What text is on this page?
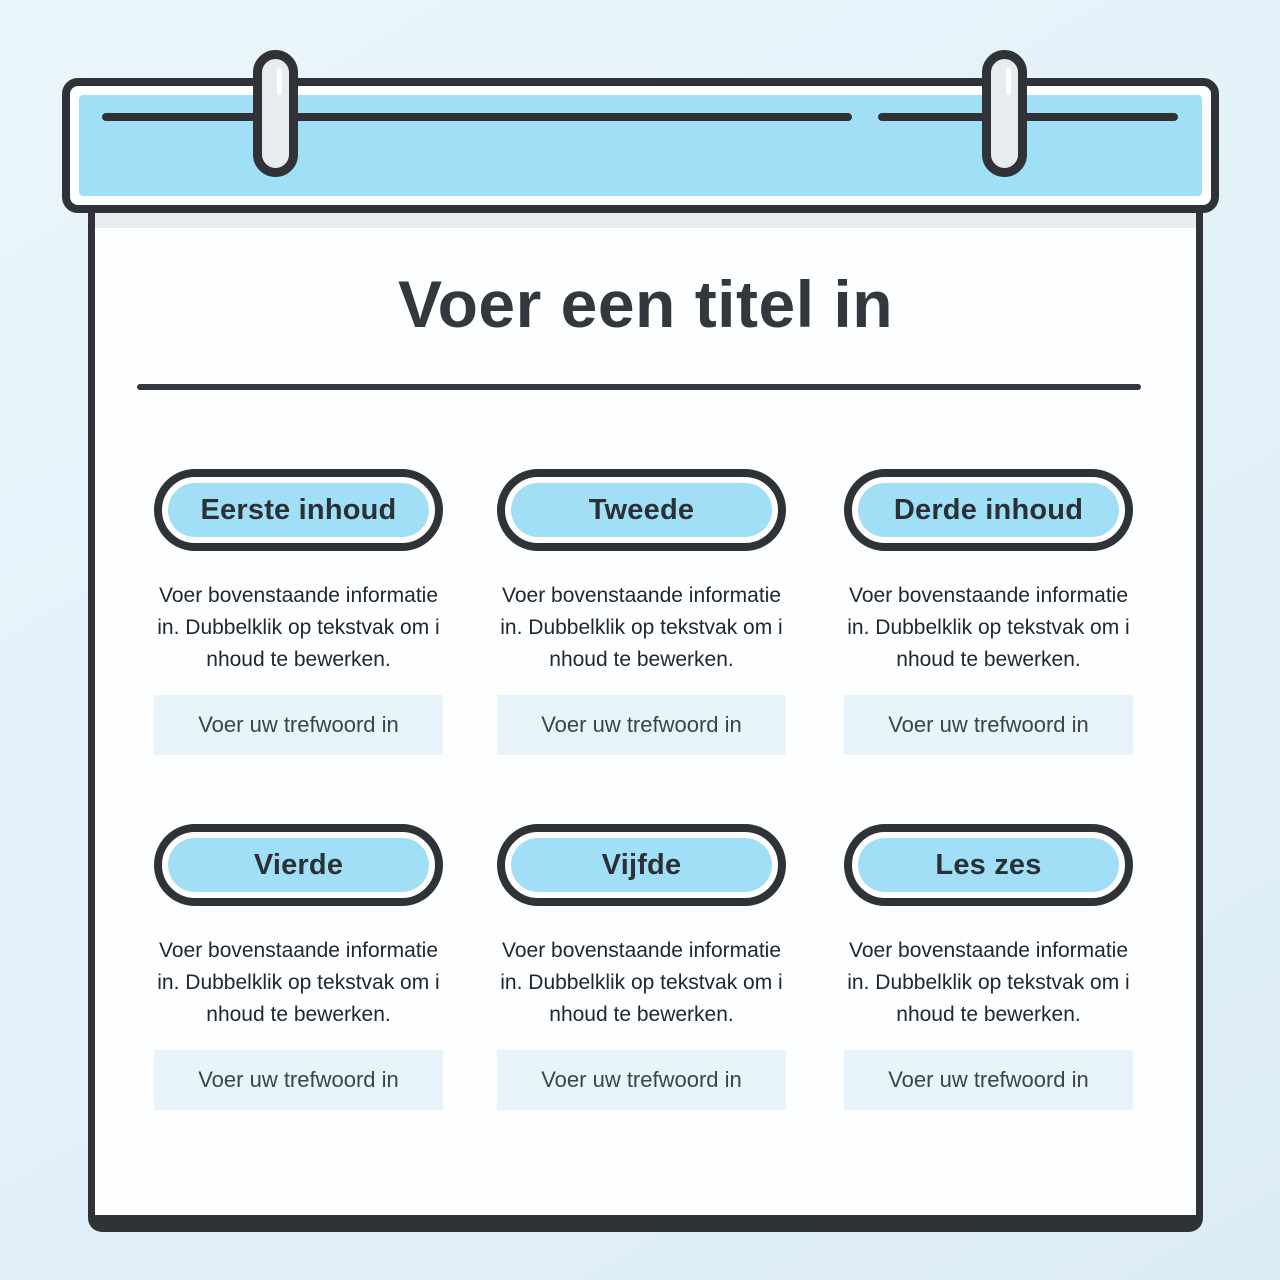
Voer een titel in
Eerste inhoud
Voer bovenstaande informatie
in. Dubbelklik op tekstvak om i
nhoud te bewerken.
Voer uw trefwoord in
Tweede
Voer bovenstaande informatie
in. Dubbelklik op tekstvak om i
nhoud te bewerken.
Voer uw trefwoord in
Derde inhoud
Voer bovenstaande informatie
in. Dubbelklik op tekstvak om i
nhoud te bewerken.
Voer uw trefwoord in
Vierde
Voer bovenstaande informatie
in. Dubbelklik op tekstvak om i
nhoud te bewerken.
Voer uw trefwoord in
Vijfde
Voer bovenstaande informatie
in. Dubbelklik op tekstvak om i
nhoud te bewerken.
Voer uw trefwoord in
Les zes
Voer bovenstaande informatie
in. Dubbelklik op tekstvak om i
nhoud te bewerken.
Voer uw trefwoord in
